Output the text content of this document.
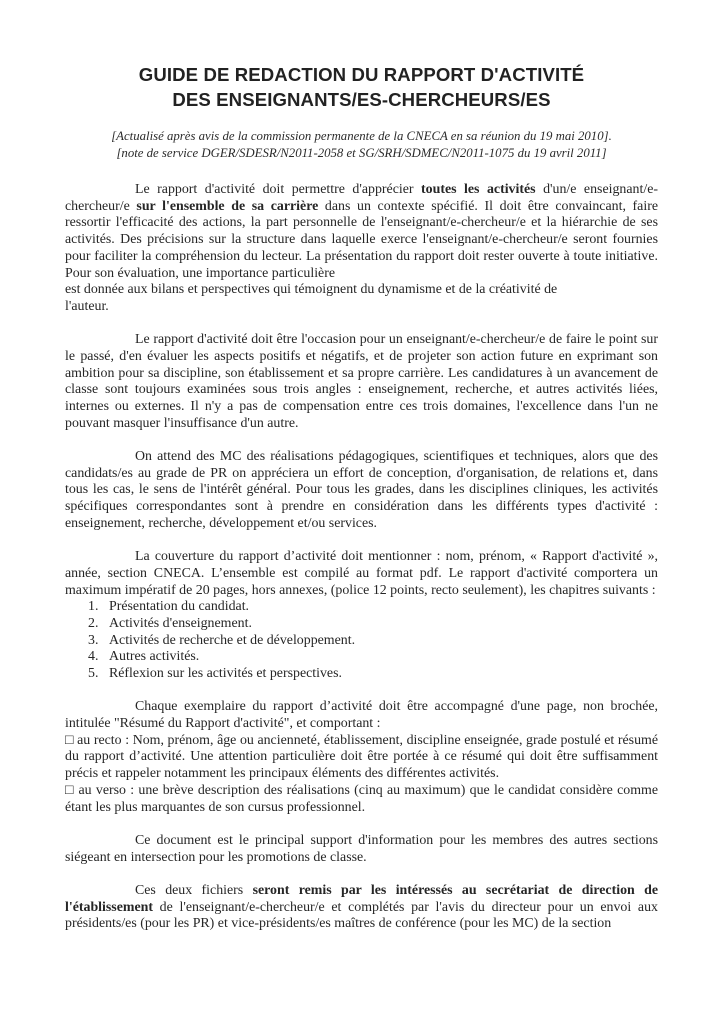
GUIDE DE REDACTION DU RAPPORT D'ACTIVITÉ
DES ENSEIGNANTS/ES-CHERCHEURS/ES
[Actualisé après avis de la commission permanente de la CNECA en sa réunion du 19 mai 2010].
[note de service DGER/SDESR/N2011-2058 et SG/SRH/SDMEC/N2011-1075 du 19 avril 2011]

Le rapport d'activité doit permettre d'apprécier toutes les activités d'un/e enseignant/e-chercheur/e sur l'ensemble de sa carrière dans un contexte spécifié. Il doit être convaincant, faire ressortir l'efficacité des actions, la part personnelle de l'enseignant/e-chercheur/e et la hiérarchie de ses activités. Des précisions sur la structure dans laquelle exerce l'enseignant/e-chercheur/e seront fournies pour faciliter la compréhension du lecteur. La présentation du rapport doit rester ouverte à toute initiative. Pour son évaluation, une importance particulière
est donnée aux bilans et perspectives qui témoignent du dynamisme et de la créativité de
l'auteur.

Le rapport d'activité doit être l'occasion pour un enseignant/e-chercheur/e de faire le point sur le passé, d'en évaluer les aspects positifs et négatifs, et de projeter son action future en exprimant son ambition pour sa discipline, son établissement et sa propre carrière. Les candidatures à un avancement de classe sont toujours examinées sous trois angles : enseignement, recherche, et autres activités liées, internes ou externes. Il n'y a pas de compensation entre ces trois domaines, l'excellence dans l'un ne pouvant masquer l'insuffisance d'un autre.

On attend des MC des réalisations pédagogiques, scientifiques et techniques, alors que des candidats/es au grade de PR on appréciera un effort de conception, d'organisation, de relations et, dans tous les cas, le sens de l'intérêt général. Pour tous les grades, dans les disciplines cliniques, les activités spécifiques correspondantes sont à prendre en considération dans les différents types d'activité : enseignement, recherche, développement et/ou services.

La couverture du rapport d’activité doit mentionner : nom, prénom, « Rapport d'activité », année, section CNECA. L’ensemble est compilé au format pdf. Le rapport d'activité comportera un maximum impératif de 20 pages, hors annexes, (police 12 points, recto seulement), les chapitres suivants :

1. Présentation du candidat.
2. Activités d'enseignement.
3. Activités de recherche et de développement.
4. Autres activités.
5. Réflexion sur les activités et perspectives.
Chaque exemplaire du rapport d’activité doit être accompagné d'une page, non brochée, intitulée "Résumé du Rapport d'activité", et comportant :
□ au recto : Nom, prénom, âge ou ancienneté, établissement, discipline enseignée, grade postulé et résumé du rapport d’activité. Une attention particulière doit être portée à ce résumé qui doit être suffisamment précis et rappeler notamment les principaux éléments des différentes activités.
□ au verso : une brève description des réalisations (cinq au maximum) que le candidat considère comme étant les plus marquantes de son cursus professionnel.

Ce document est le principal support d'information pour les membres des autres sections siégeant en intersection pour les promotions de classe.

Ces deux fichiers seront remis par les intéressés au secrétariat de direction de l'établissement de l'enseignant/e-chercheur/e et complétés par l'avis du directeur pour un envoi aux présidents/es (pour les PR) et vice-présidents/es maîtres de conférence (pour les MC) de la section
